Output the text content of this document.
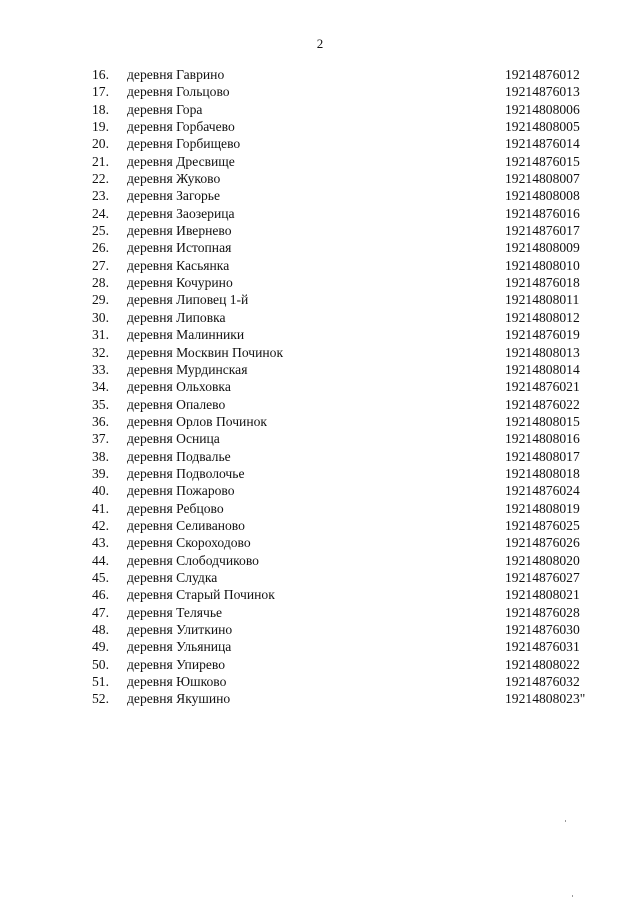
2
16. деревня Гаврино	19214876012
17. деревня Гольцово	19214876013
18. деревня Гора	19214808006
19. деревня Горбачево	19214808005
20. деревня Горбищево	19214876014
21. деревня Дресвище	19214876015
22. деревня Жуково	19214808007
23. деревня Загорье	19214808008
24. деревня Заозерица	19214876016
25. деревня Ивернево	19214876017
26. деревня Истопная	19214808009
27. деревня Касьянка	19214808010
28. деревня Кочурино	19214876018
29. деревня Липовец 1-й	19214808011
30. деревня Липовка	19214808012
31. деревня Малинники	19214876019
32. деревня Москвин Починок	19214808013
33. деревня Мурдинская	19214808014
34. деревня Ольховка	19214876021
35. деревня Опалево	19214876022
36. деревня Орлов Починок	19214808015
37. деревня Осница	19214808016
38. деревня Подвалье	19214808017
39. деревня Подволочье	19214808018
40. деревня Пожарово	19214876024
41. деревня Ребцово	19214808019
42. деревня Селиваново	19214876025
43. деревня Скороходово	19214876026
44. деревня Слободчиково	19214808020
45. деревня Слудка	19214876027
46. деревня Старый Починок	19214808021
47. деревня Телячье	19214876028
48. деревня Улиткино	19214876030
49. деревня Ульяница	19214876031
50. деревня Упирево	19214808022
51. деревня Юшково	19214876032
52. деревня Якушино	19214808023"
